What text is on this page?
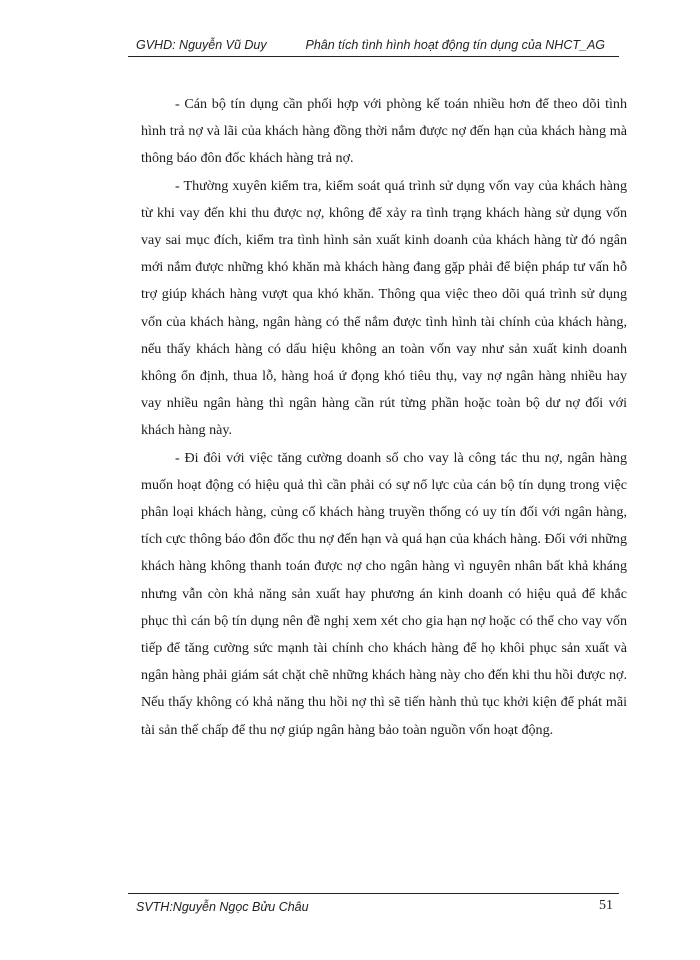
GVHD: Nguyễn Vũ Duy	Phân tích tình hình hoạt động tín dụng của NHCT_AG

- Cán bộ tín dụng cần phối hợp với phòng kế toán nhiều hơn để theo dõi tình hình trả nợ và lãi của khách hàng đồng thời nắm được nợ đến hạn của khách hàng mà thông báo đôn đốc khách hàng trả nợ.

- Thường xuyên kiểm tra, kiểm soát quá trình sử dụng vốn vay của khách hàng từ khi vay đến khi thu được nợ, không để xảy ra tình trạng khách hàng sử dụng vốn vay sai mục đích, kiểm tra tình hình sản xuất kinh doanh của khách hàng từ đó ngân mới nắm được những khó khăn mà khách hàng đang gặp phải để biện pháp tư vấn hỗ trợ giúp khách hàng vượt qua khó khăn. Thông qua việc theo dõi quá trình sử dụng vốn của khách hàng, ngân hàng có thể nắm được tình hình tài chính của khách hàng, nếu thấy khách hàng có dấu hiệu không an toàn vốn vay như sản xuất kinh doanh không ổn định, thua lỗ, hàng hoá ứ đọng khó tiêu thụ, vay nợ ngân hàng nhiều hay vay nhiều ngân hàng thì ngân hàng cần rút từng phần hoặc toàn bộ dư nợ đối với khách hàng này.

- Đi đôi với việc tăng cường doanh số cho vay là công tác thu nợ, ngân hàng muốn hoạt động có hiệu quả thì cần phải có sự nổ lực của cán bộ tín dụng trong việc phân loại khách hàng, củng cố khách hàng truyền thống có uy tín đối với ngân hàng, tích cực thông báo đôn đốc thu nợ đến hạn và quá hạn của khách hàng. Đối với những khách hàng không thanh toán được nợ cho ngân hàng vì nguyên nhân bất khả kháng nhưng vẫn còn khả năng sản xuất hay phương án kinh doanh có hiệu quả để khắc phục thì cán bộ tín dụng nên đề nghị xem xét cho gia hạn nợ hoặc có thể cho vay vốn tiếp để tăng cường sức mạnh tài chính cho khách hàng để họ khôi phục sản xuất và ngân hàng phải giám sát chặt chẽ những khách hàng này cho đến khi thu hồi được nợ. Nếu thấy không có khả năng thu hồi nợ thì sẽ tiến hành thủ tục khởi kiện để phát mãi tài sản thế chấp để thu nợ giúp ngân hàng bảo toàn nguồn vốn hoạt động.

SVTH:Nguyễn Ngọc Bửu Châu	51
